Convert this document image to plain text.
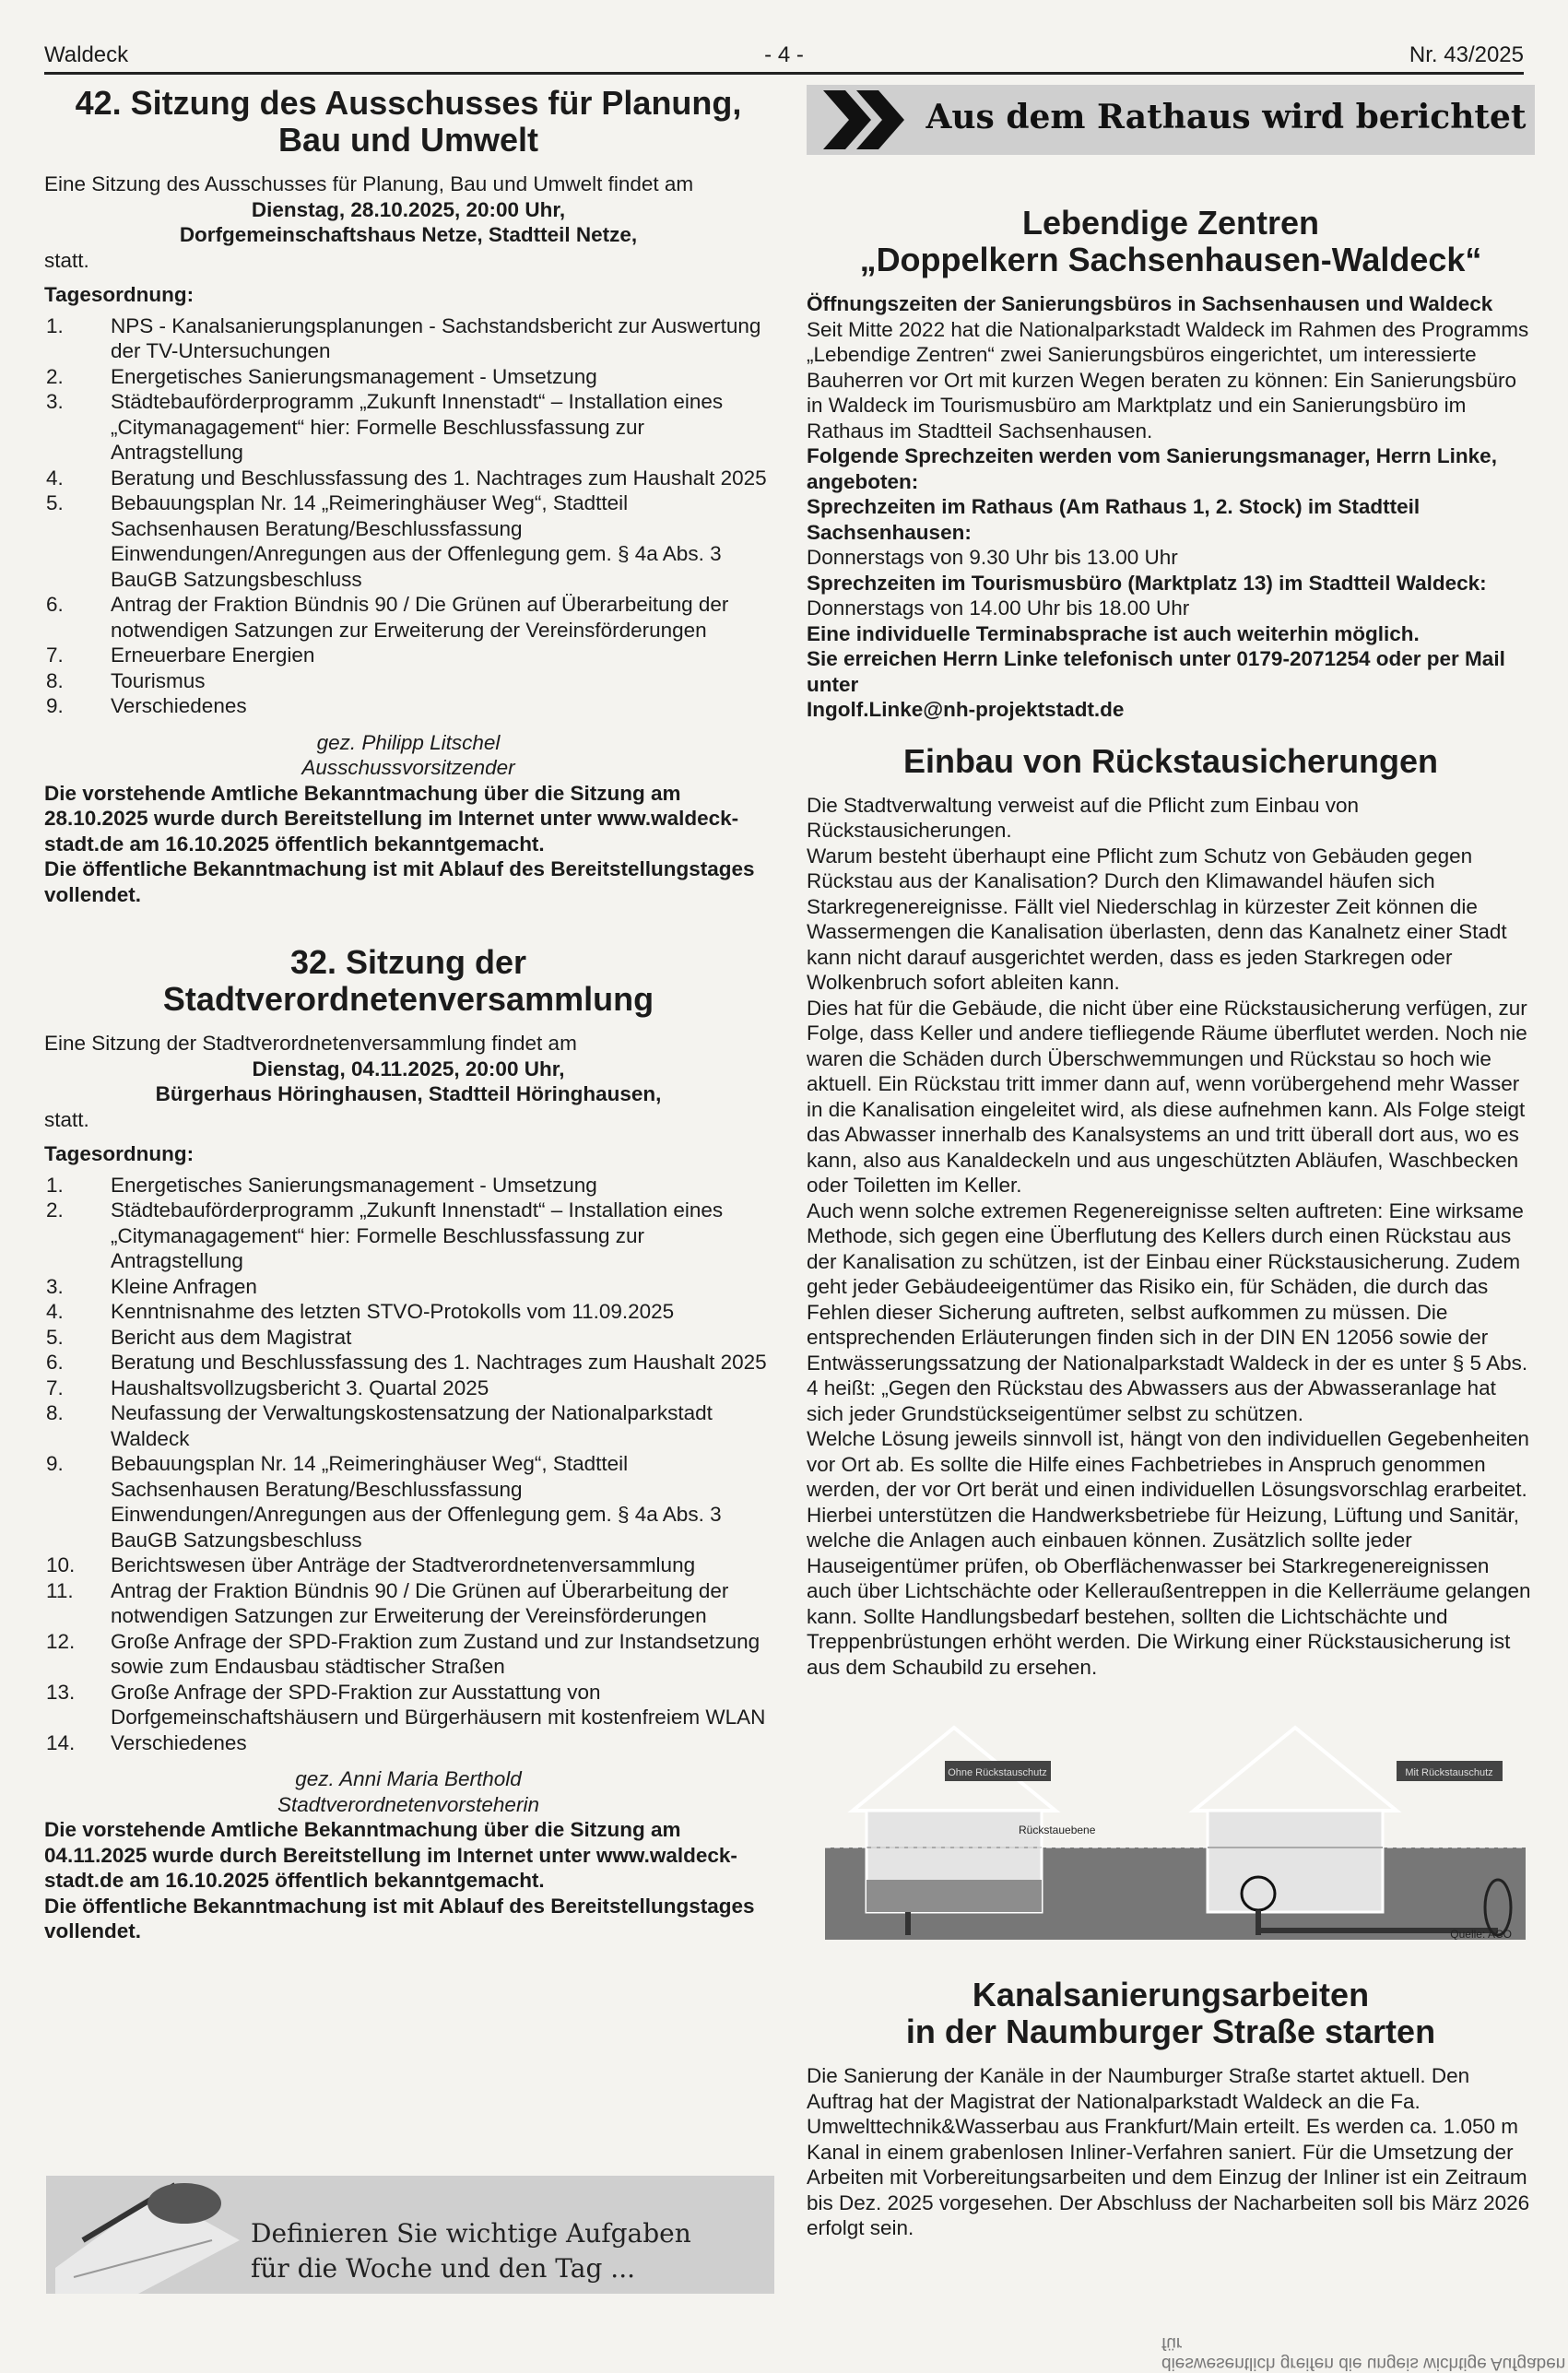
Waldeck	- 4 -	Nr. 43/2025
42. Sitzung des Ausschusses für Planung,
Bau und Umwelt

Eine Sitzung des Ausschusses für Planung, Bau und Umwelt findet am

Dienstag, 28.10.2025, 20:00 Uhr,

Dorfgemeinschaftshaus Netze, Stadtteil Netze,

statt.

Tagesordnung:

1. NPS - Kanalsanierungsplanungen - Sachstandsbericht zur Auswertung der TV-Untersuchungen
2. Energetisches Sanierungsmanagement - Umsetzung
3. Städtebauförderprogramm „Zukunft Innenstadt“ – Installation eines „Citymanagagement“ hier: Formelle Beschlussfassung zur Antragstellung
4. Beratung und Beschlussfassung des 1. Nachtrages zum Haushalt 2025
5. Bebauungsplan Nr. 14 „Reimeringhäuser Weg“, Stadtteil Sachsenhausen Beratung/Beschlussfassung Einwendungen/Anregungen aus der Offenlegung gem. § 4a Abs. 3 BauGB Satzungsbeschluss
6. Antrag der Fraktion Bündnis 90 / Die Grünen auf Überarbeitung der notwendigen Satzungen zur Erweiterung der Vereinsförderungen
7. Erneuerbare Energien
8. Tourismus
9. Verschiedenes

gez. Philipp Litschel

Ausschussvorsitzender

Die vorstehende Amtliche Bekanntmachung über die Sitzung am 28.10.2025 wurde durch Bereitstellung im Internet unter www.waldeck-stadt.de am 16.10.2025 öffentlich bekanntgemacht.

Die öffentliche Bekanntmachung ist mit Ablauf des Bereitstellungstages vollendet.

32. Sitzung der
Stadtverordnetenversammlung

Eine Sitzung der Stadtverordnetenversammlung findet am

Dienstag, 04.11.2025, 20:00 Uhr,

Bürgerhaus Höringhausen, Stadtteil Höringhausen,

statt.

Tagesordnung:

1. Energetisches Sanierungsmanagement - Umsetzung
2. Städtebauförderprogramm „Zukunft Innenstadt“ – Installation eines „Citymanagagement“ hier: Formelle Beschlussfassung zur Antragstellung
3. Kleine Anfragen
4. Kenntnisnahme des letzten STVO-Protokolls vom 11.09.2025
5. Bericht aus dem Magistrat
6. Beratung und Beschlussfassung des 1. Nachtrages zum Haushalt 2025
7. Haushaltsvollzugsbericht 3. Quartal 2025
8. Neufassung der Verwaltungskostensatzung der Nationalparkstadt Waldeck
9. Bebauungsplan Nr. 14 „Reimeringhäuser Weg“, Stadtteil Sachsenhausen Beratung/Beschlussfassung Einwendungen/Anregungen aus der Offenlegung gem. § 4a Abs. 3 BauGB Satzungsbeschluss
10. Berichtswesen über Anträge der Stadtverordnetenversammlung
11. Antrag der Fraktion Bündnis 90 / Die Grünen auf Überarbeitung der notwendigen Satzungen zur Erweiterung der Vereinsförderungen
12. Große Anfrage der SPD-Fraktion zum Zustand und zur Instandsetzung sowie zum Endausbau städtischer Straßen
13. Große Anfrage der SPD-Fraktion zur Ausstattung von Dorfgemeinschaftshäusern und Bürgerhäusern mit kostenfreiem WLAN
14. Verschiedenes

gez. Anni Maria Berthold

Stadtverordnetenvorsteherin

Die vorstehende Amtliche Bekanntmachung über die Sitzung am 04.11.2025 wurde durch Bereitstellung im Internet unter www.waldeck-stadt.de am 16.10.2025 öffentlich bekanntgemacht.

Die öffentliche Bekanntmachung ist mit Ablauf des Bereitstellungstages vollendet.

Definieren Sie wichtige Aufgaben
für die Woche und den Tag ...
Aus dem Rathaus wird berichtet
Lebendige Zentren
„Doppelkern Sachsenhausen-Waldeck“

Öffnungszeiten der Sanierungsbüros in Sachsenhausen und Waldeck

Seit Mitte 2022 hat die Nationalparkstadt Waldeck im Rahmen des Programms „Lebendige Zentren“ zwei Sanierungsbüros eingerichtet, um interessierte Bauherren vor Ort mit kurzen Wegen beraten zu können: Ein Sanierungsbüro in Waldeck im Tourismusbüro am Marktplatz und ein Sanierungsbüro im Rathaus im Stadtteil Sachsenhausen.

Folgende Sprechzeiten werden vom Sanierungsmanager, Herrn Linke, angeboten:

Sprechzeiten im Rathaus (Am Rathaus 1, 2. Stock) im Stadtteil Sachsenhausen:

Donnerstags von 9.30 Uhr bis 13.00 Uhr

Sprechzeiten im Tourismusbüro (Marktplatz 13) im Stadtteil Waldeck:

Donnerstags von 14.00 Uhr bis 18.00 Uhr

Eine individuelle Terminabsprache ist auch weiterhin möglich.

Sie erreichen Herrn Linke telefonisch unter 0179-2071254 oder per Mail unter

Ingolf.Linke@nh-projektstadt.de

Einbau von Rückstausicherungen

Die Stadtverwaltung verweist auf die Pflicht zum Einbau von Rückstausicherungen.

Warum besteht überhaupt eine Pflicht zum Schutz von Gebäuden gegen Rückstau aus der Kanalisation? Durch den Klimawandel häufen sich Starkregenereignisse. Fällt viel Niederschlag in kürzester Zeit können die Wassermengen die Kanalisation überlasten, denn das Kanalnetz einer Stadt kann nicht darauf ausgerichtet werden, dass es jeden Starkregen oder Wolkenbruch sofort ableiten kann.

Dies hat für die Gebäude, die nicht über eine Rückstausicherung verfügen, zur Folge, dass Keller und andere tiefliegende Räume überflutet werden. Noch nie waren die Schäden durch Überschwemmungen und Rückstau so hoch wie aktuell. Ein Rückstau tritt immer dann auf, wenn vorübergehend mehr Wasser in die Kanalisation eingeleitet wird, als diese aufnehmen kann. Als Folge steigt das Abwasser innerhalb des Kanalsystems an und tritt überall dort aus, wo es kann, also aus Kanaldeckeln und aus ungeschützten Abläufen, Waschbecken oder Toiletten im Keller.

Auch wenn solche extremen Regenereignisse selten auftreten: Eine wirksame Methode, sich gegen eine Überflutung des Kellers durch einen Rückstau aus der Kanalisation zu schützen, ist der Einbau einer Rückstausicherung. Zudem geht jeder Gebäudeeigentümer das Risiko ein, für Schäden, die durch das Fehlen dieser Sicherung auftreten, selbst aufkommen zu müssen. Die entsprechenden Erläuterungen finden sich in der DIN EN 12056 sowie der Entwässerungssatzung der Nationalparkstadt Waldeck in der es unter § 5 Abs. 4 heißt: „Gegen den Rückstau des Abwassers aus der Abwasseranlage hat sich jeder Grundstückseigentümer selbst zu schützen.

Welche Lösung jeweils sinnvoll ist, hängt von den individuellen Gegebenheiten vor Ort ab. Es sollte die Hilfe eines Fachbetriebes in Anspruch genommen werden, der vor Ort berät und einen individuellen Lösungsvorschlag erarbeitet. Hierbei unterstützen die Handwerksbetriebe für Heizung, Lüftung und Sanitär, welche die Anlagen auch einbauen können. Zusätzlich sollte jeder Hauseigentümer prüfen, ob Oberflächenwasser bei Starkregenereignissen auch über Lichtschächte oder Kelleraußentreppen in die Kellerräume gelangen kann. Sollte Handlungsbedarf bestehen, sollten die Lichtschächte und Treppenbrüstungen erhöht werden. Die Wirkung einer Rückstausicherung ist aus dem Schaubild zu ersehen.

Ohne Rückstauschutz
Rückstauebene
Mit Rückstauschutz
Quelle: ACO
Kanalsanierungsarbeiten
in der Naumburger Straße starten

Die Sanierung der Kanäle in der Naumburger Straße startet aktuell. Den Auftrag hat der Magistrat der Nationalparkstadt Waldeck an die Fa. Umwelttechnik&Wasserbau aus Frankfurt/Main erteilt. Es werden ca. 1.050 m Kanal in einem grabenlosen Inliner-Verfahren saniert. Für die Umsetzung der Arbeiten mit Vorbereitungsarbeiten und dem Einzug der Inliner ist ein Zeitraum bis Dez. 2025 vorgesehen. Der Abschluss der Nacharbeiten soll bis März 2026 erfolgt sein.

dieswesentlich greifen die ungeis wichtige Aufgaben für
